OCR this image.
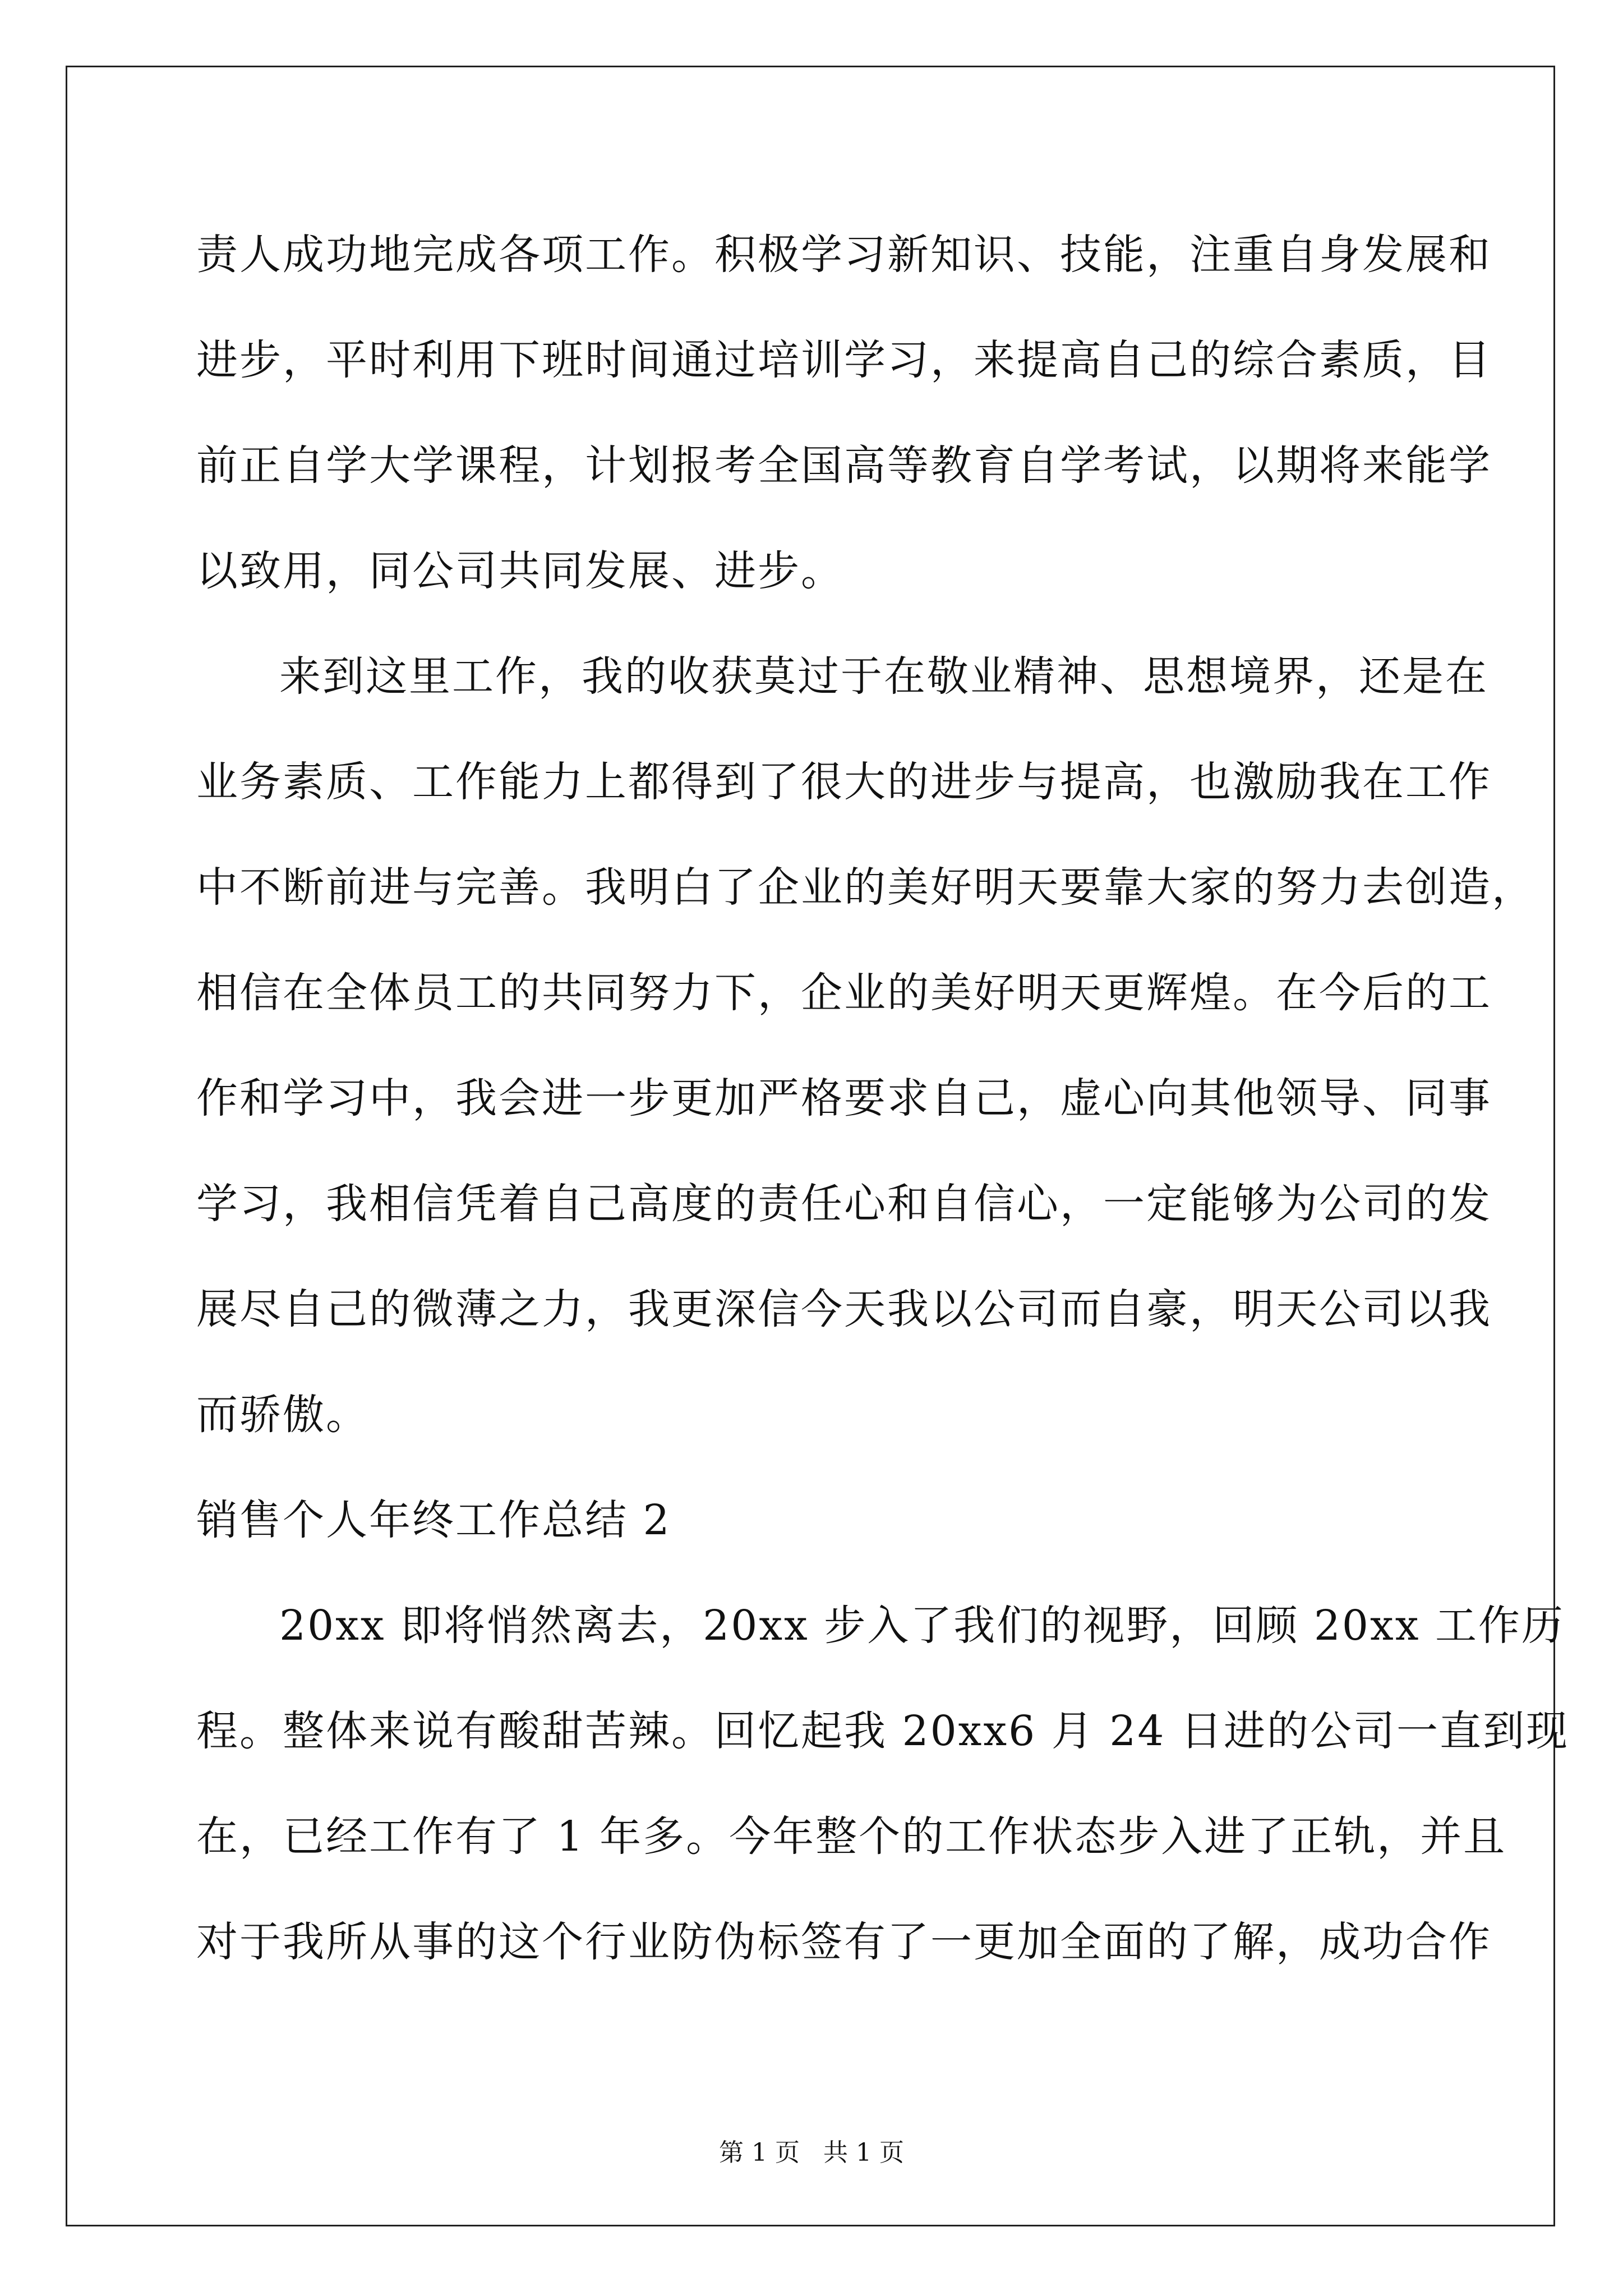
责人成功地完成各项工作。积极学习新知识、技能，注重自身发展和
进步，平时利用下班时间通过培训学习，来提高自己的综合素质，目
前正自学大学课程，计划报考全国高等教育自学考试，以期将来能学
以致用，同公司共同发展、进步。
来到这里工作，我的收获莫过于在敬业精神、思想境界，还是在
业务素质、工作能力上都得到了很大的进步与提高，也激励我在工作
中不断前进与完善。我明白了企业的美好明天要靠大家的努力去创造，
相信在全体员工的共同努力下，企业的美好明天更辉煌。在今后的工
作和学习中，我会进一步更加严格要求自己，虚心向其他领导、同事
学习，我相信凭着自己高度的责任心和自信心，一定能够为公司的发
展尽自己的微薄之力，我更深信今天我以公司而自豪，明天公司以我
而骄傲。
销售个人年终工作总结 2
20xx 即将悄然离去，20xx 步入了我们的视野，回顾 20xx 工作历
程。整体来说有酸甜苦辣。回忆起我 20xx6 月 24 日进的公司一直到现
在，已经工作有了 1 年多。今年整个的工作状态步入进了正轨，并且
对于我所从事的这个行业防伪标签有了一更加全面的了解，成功合作
第 1 页 共 1 页
